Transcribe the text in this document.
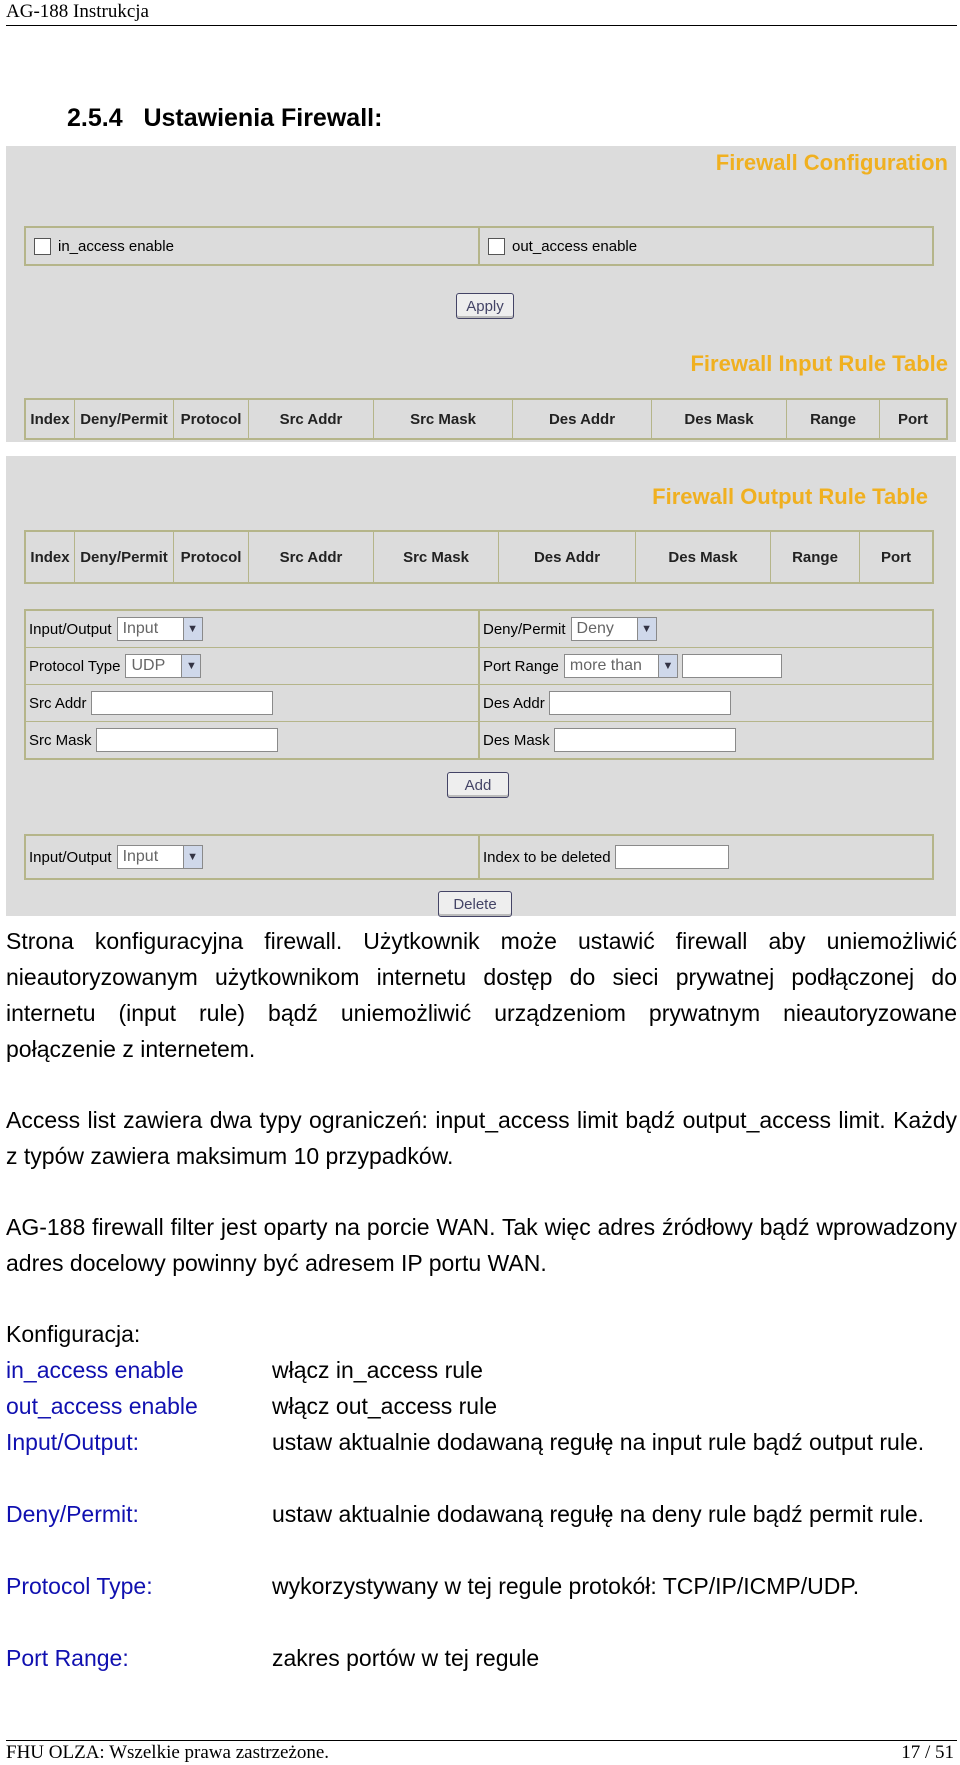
AG-188 Instrukcja
2.5.4   Ustawienia Firewall:
Firewall Configuration
in_access enable	out_access enable
Apply
Firewall Input Rule Table
Index Deny/Permit Protocol	Src Addr	Src Mask	Des Addr	Des Mask	Range	Port
Firewall Output Rule Table
Index Deny/Permit Protocol	Src Addr	Src Mask	Des Addr	Des Mask	Range	Port
Input/Output Input	▼	Deny/Permit Deny	▼
Protocol Type UDP	▼	Port Range more than	▼
Src Addr	Des Addr
Src Mask	Des Mask
Add
Input/Output Input	▼	Index to be deleted
Delete
Strona konfiguracyjna firewall. Użytkownik może ustawić firewall aby uniemożliwić nieautoryzowanym użytkownikom internetu dostęp do sieci prywatnej podłączonej do internetu (input rule) bądź uniemożliwić urządzeniom prywatnym nieautoryzowane połączenie z internetem.
Access list zawiera dwa typy ograniczeń: input_access limit bądź output_access limit. Każdy z typów zawiera maksimum 10 przypadków.
AG-188 firewall filter jest oparty na porcie WAN. Tak więc adres źródłowy bądź wprowadzony adres docelowy powinny być adresem IP portu WAN.
Konfiguracja:
in_access enable	włącz in_access rule
out_access enable	włącz out_access rule
Input/Output:	ustaw aktualnie dodawaną regułę na input rule bądź output rule.
Deny/Permit:	ustaw aktualnie dodawaną regułę na deny rule bądź permit rule.
Protocol Type:	wykorzystywany w tej regule protokół: TCP/IP/ICMP/UDP.
Port Range:	zakres portów w tej regule
FHU OLZA: Wszelkie prawa zastrzeżone.	17 / 51
